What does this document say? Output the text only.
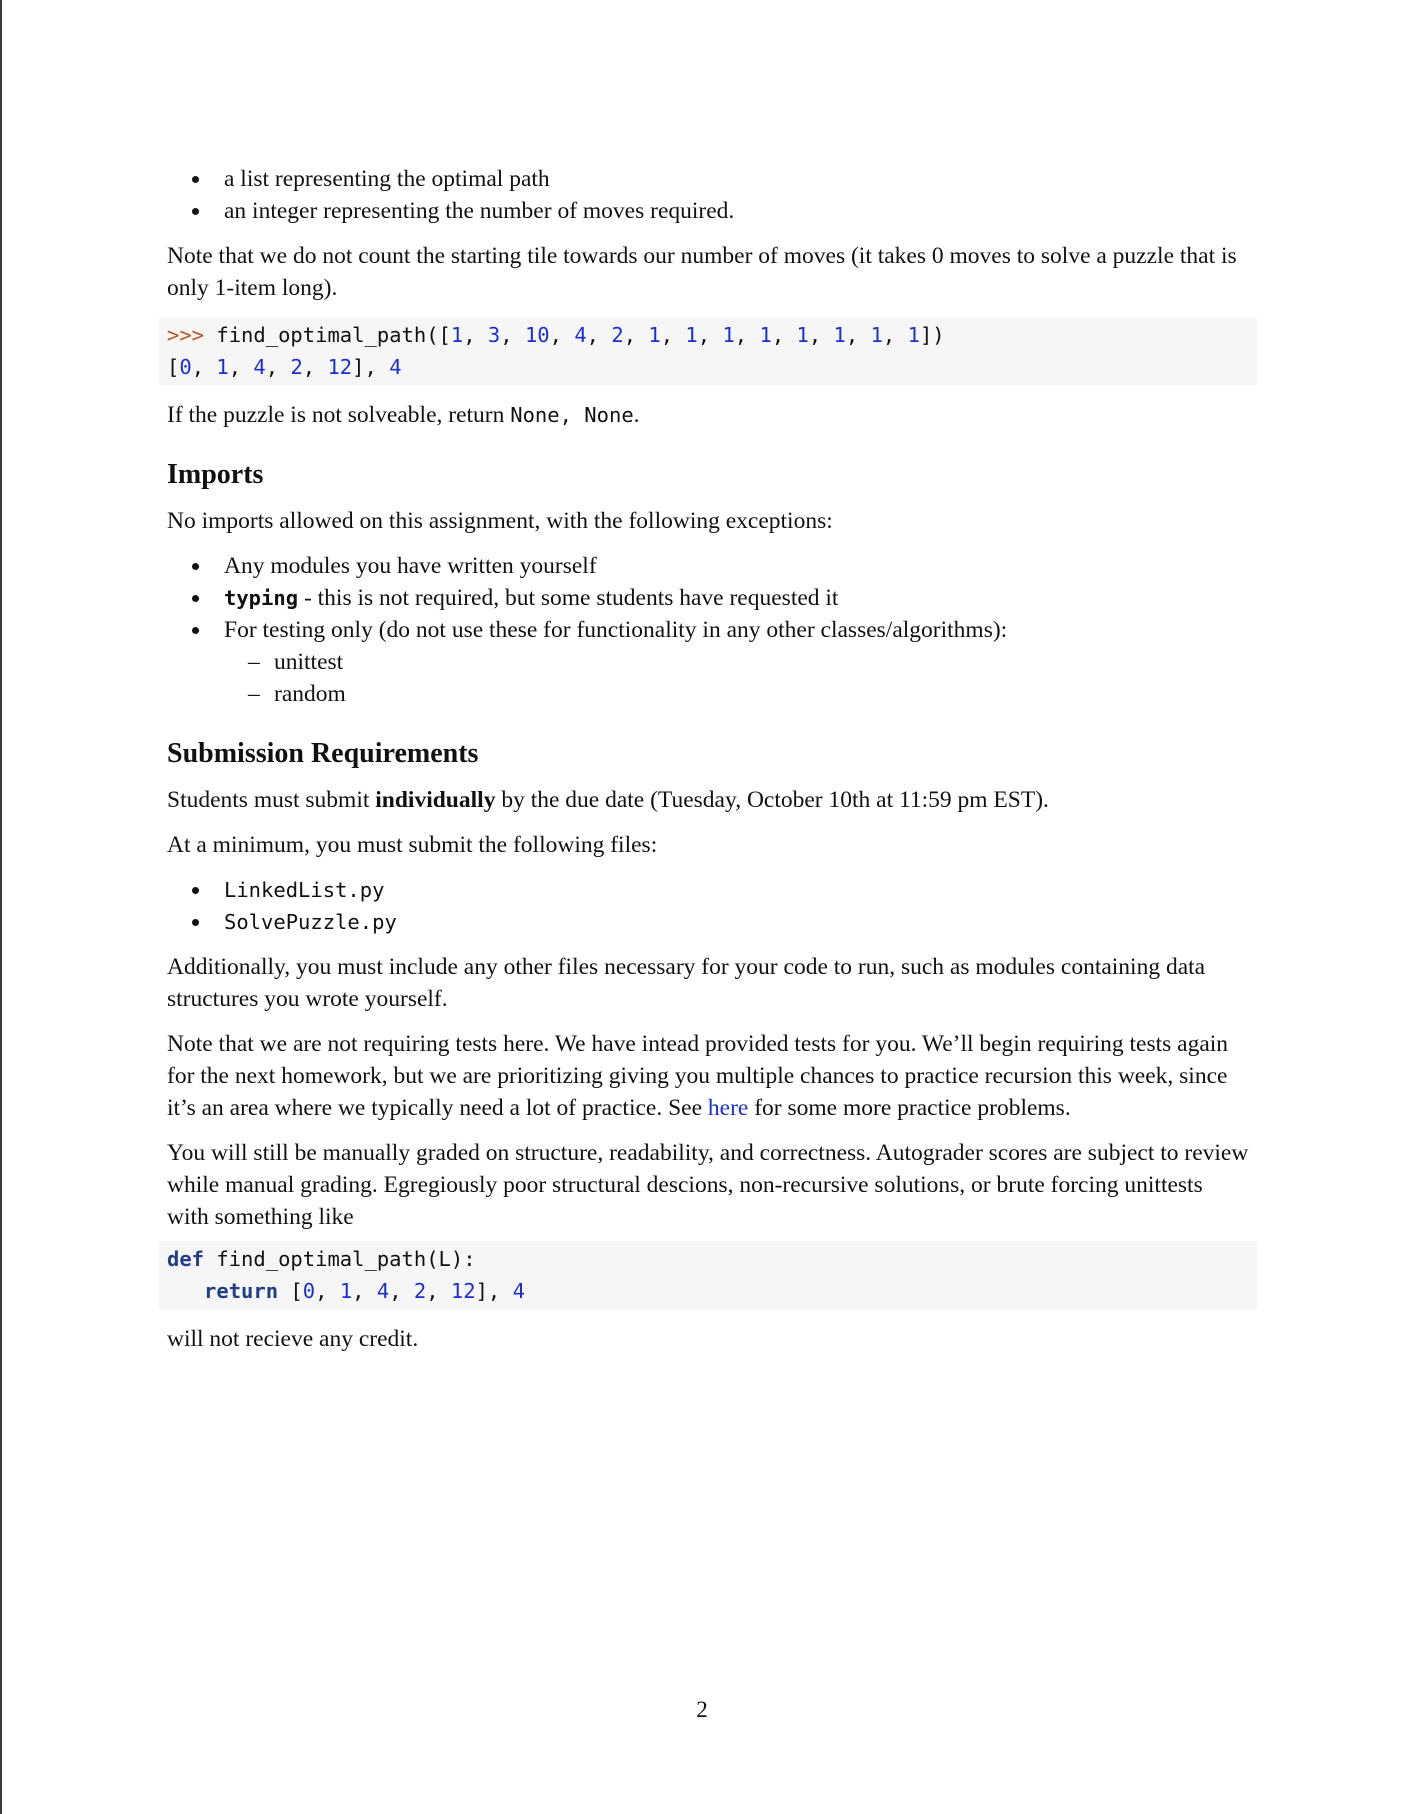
a list representing the optimal path
an integer representing the number of moves required.

Note that we do not count the starting tile towards our number of moves (it takes 0 moves to solve a puzzle that is only 1-item long).

>>> find_optimal_path([1, 3, 10, 4, 2, 1, 1, 1, 1, 1, 1, 1, 1])
[0, 1, 4, 2, 12], 4

If the puzzle is not solveable, return None, None.

Imports

No imports allowed on this assignment, with the following exceptions:

Any modules you have written yourself
typing - this is not required, but some students have requested it
For testing only (do not use these for functionality in any other classes/algorithms):
– unittest
– random
Submission Requirements

Students must submit individually by the due date (Tuesday, October 10th at 11:59 pm EST).

At a minimum, you must submit the following files:

LinkedList.py
SolvePuzzle.py

Additionally, you must include any other files necessary for your code to run, such as modules containing data structures you wrote yourself.

Note that we are not requiring tests here. We have intead provided tests for you. We’ll begin requiring tests again for the next homework, but we are prioritizing giving you multiple chances to practice recursion this week, since it’s an area where we typically need a lot of practice. See here for some more practice problems.

You will still be manually graded on structure, readability, and correctness. Autograder scores are subject to review while manual grading. Egregiously poor structural descions, non-recursive solutions, or brute forcing unittests with something like

def find_optimal_path(L):
return [0, 1, 4, 2, 12], 4

will not recieve any credit.

2
